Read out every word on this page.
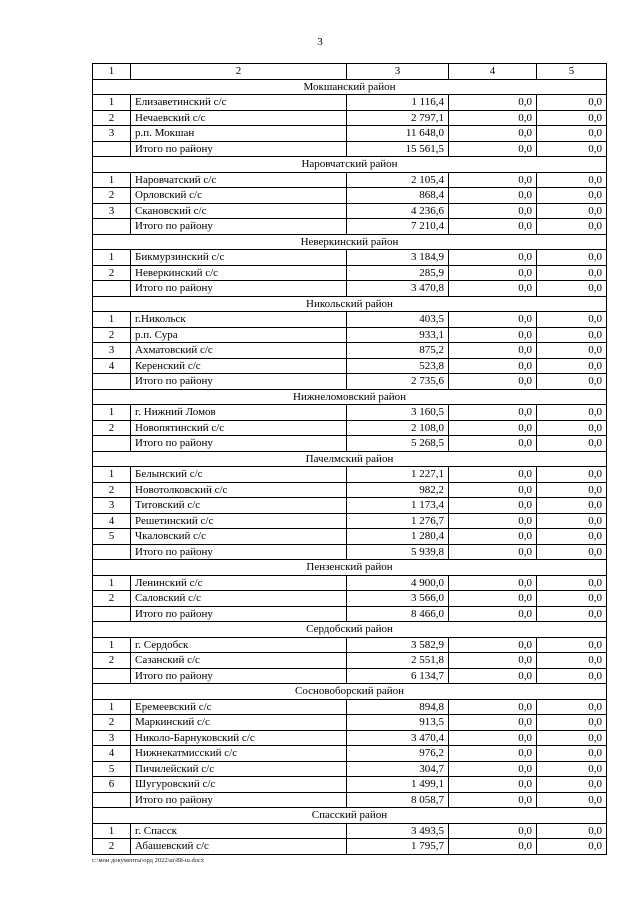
3
1	2	3	4	5
Мокшанский район				
1	Елизаветинский с/с	1 116,4	0,0	0,0
2	Нечаевский с/с	2 797,1	0,0	0,0
3	р.п. Мокшан	11 648,0	0,0	0,0
	Итого по району	15 561,5	0,0	0,0
Наровчатский район				
1	Наровчатский с/с	2 105,4	0,0	0,0
2	Орловский с/с	868,4	0,0	0,0
3	Скановский с/с	4 236,6	0,0	0,0
	Итого по району	7 210,4	0,0	0,0
Неверкинский район				
1	Бикмурзинский с/с	3 184,9	0,0	0,0
2	Неверкинский с/с	285,9	0,0	0,0
	Итого по району	3 470,8	0,0	0,0
Никольский район				
1	г.Никольск	403,5	0,0	0,0
2	р.п. Сура	933,1	0,0	0,0
3	Ахматовский с/с	875,2	0,0	0,0
4	Керенский с/с	523,8	0,0	0,0
	Итого по району	2 735,6	0,0	0,0
Нижнеломовский район				
1	г. Нижний Ломов	3 160,5	0,0	0,0
2	Новопятинский с/с	2 108,0	0,0	0,0
	Итого по району	5 268,5	0,0	0,0
Пачелмский район				
1	Белынский с/с	1 227,1	0,0	0,0
2	Новотолковский с/с	982,2	0,0	0,0
3	Титовский с/с	1 173,4	0,0	0,0
4	Решетинский с/с	1 276,7	0,0	0,0
5	Чкаловский с/с	1 280,4	0,0	0,0
	Итого по району	5 939,8	0,0	0,0
Пензенский район				
1	Ленинский с/с	4 900,0	0,0	0,0
2	Саловский с/с	3 566,0	0,0	0,0
	Итого по району	8 466,0	0,0	0,0
Сердобский район				
1	г. Сердобск	3 582,9	0,0	0,0
2	Сазанский с/с	2 551,8	0,0	0,0
	Итого по району	6 134,7	0,0	0,0
Сосновоборский район				
1	Еремеевский с/с	894,8	0,0	0,0
2	Маркинский с/с	913,5	0,0	0,0
3	Николо-Барнуковский с/с	3 470,4	0,0	0,0
4	Нижнекатмисский с/с	976,2	0,0	0,0
5	Пичилейский с/с	304,7	0,0	0,0
6	Шугуровский с/с	1 499,1	0,0	0,0
	Итого по району	8 058,7	0,0	0,0
Спасский район				
1	г. Спасск	3 493,5	0,0	0,0
2	Абашевский с/с	1 795,7	0,0	0,0
c:\мои документы\орд 2022\ш\88-ш.docx
